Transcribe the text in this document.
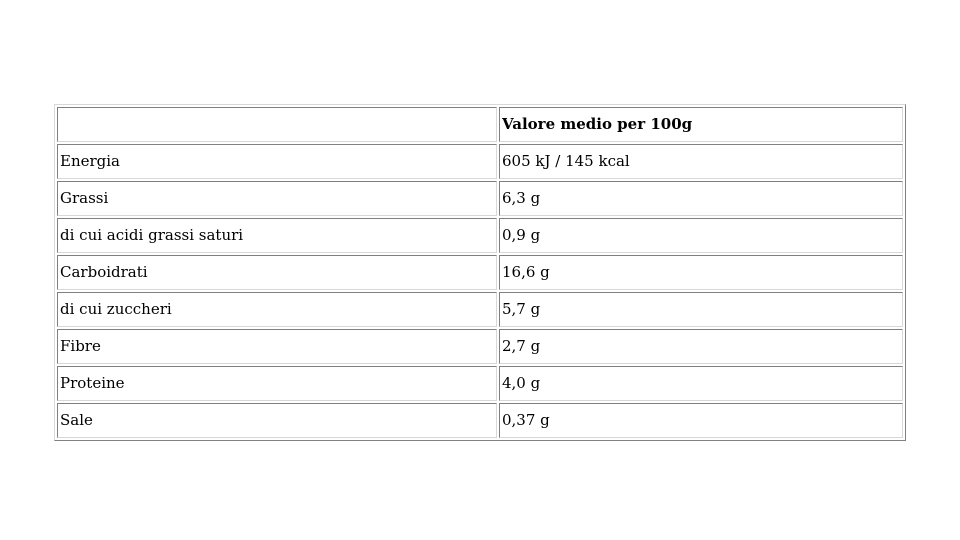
	Valore medio per 100g
Energia	605 kJ / 145 kcal
Grassi	6,3 g
di cui acidi grassi saturi	0,9 g
Carboidrati	16,6 g
di cui zuccheri	5,7 g
Fibre	2,7 g
Proteine	4,0 g
Sale	0,37 g
